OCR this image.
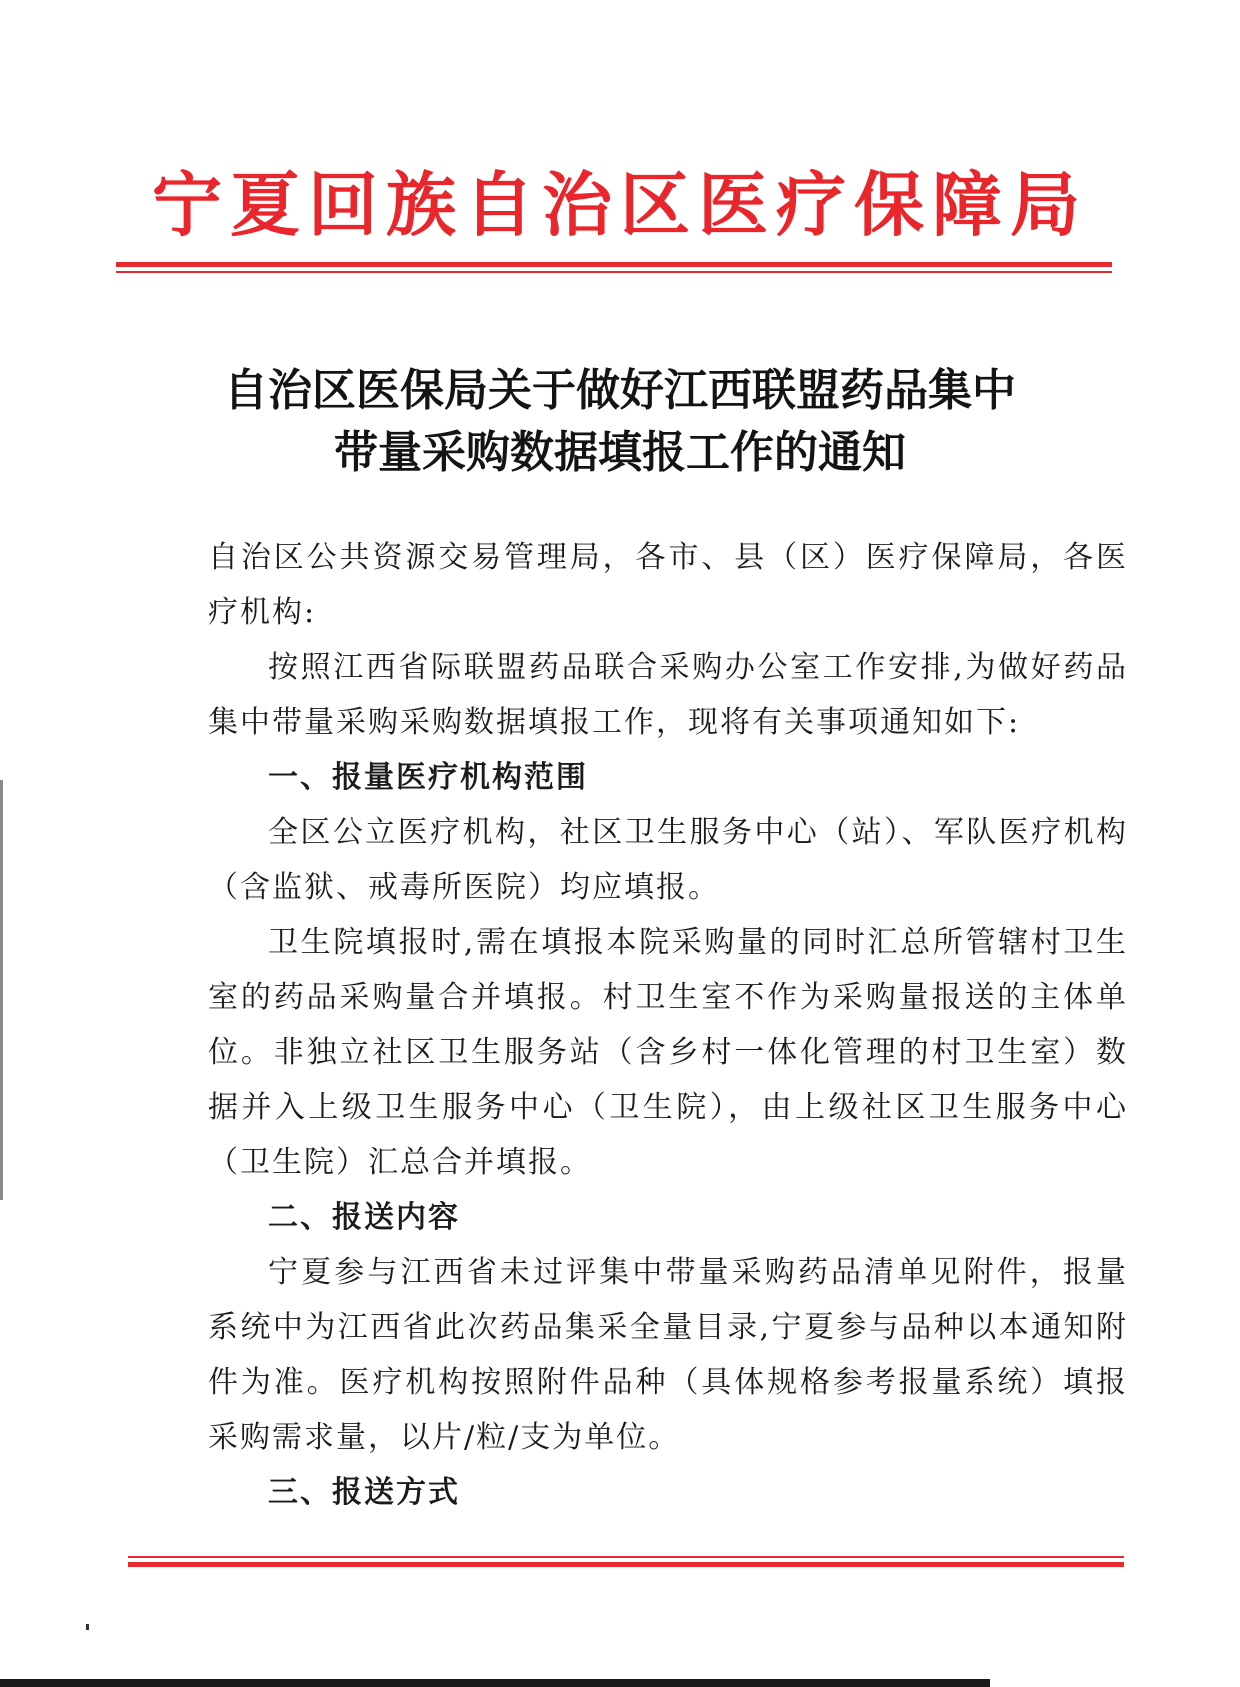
宁夏回族自治区医疗保障局
自治区医保局关于做好江西联盟药品集中
带量采购数据填报工作的通知

自治区公共资源交易管理局，各市、县（区）医疗保障局，各医疗机构:

按照江西省际联盟药品联合采购办公室工作安排,为做好药品集中带量采购采购数据填报工作，现将有关事项通知如下:

一、报量医疗机构范围

全区公立医疗机构，社区卫生服务中心（站）、军队医疗机构（含监狱、戒毒所医院）均应填报。

卫生院填报时,需在填报本院采购量的同时汇总所管辖村卫生室的药品采购量合并填报。村卫生室不作为采购量报送的主体单位。非独立社区卫生服务站（含乡村一体化管理的村卫生室）数据并入上级卫生服务中心（卫生院），由上级社区卫生服务中心（卫生院）汇总合并填报。

二、报送内容

宁夏参与江西省未过评集中带量采购药品清单见附件，报量系统中为江西省此次药品集采全量目录,宁夏参与品种以本通知附件为准。医疗机构按照附件品种（具体规格参考报量系统）填报采购需求量，以片/粒/支为单位。

三、报送方式
